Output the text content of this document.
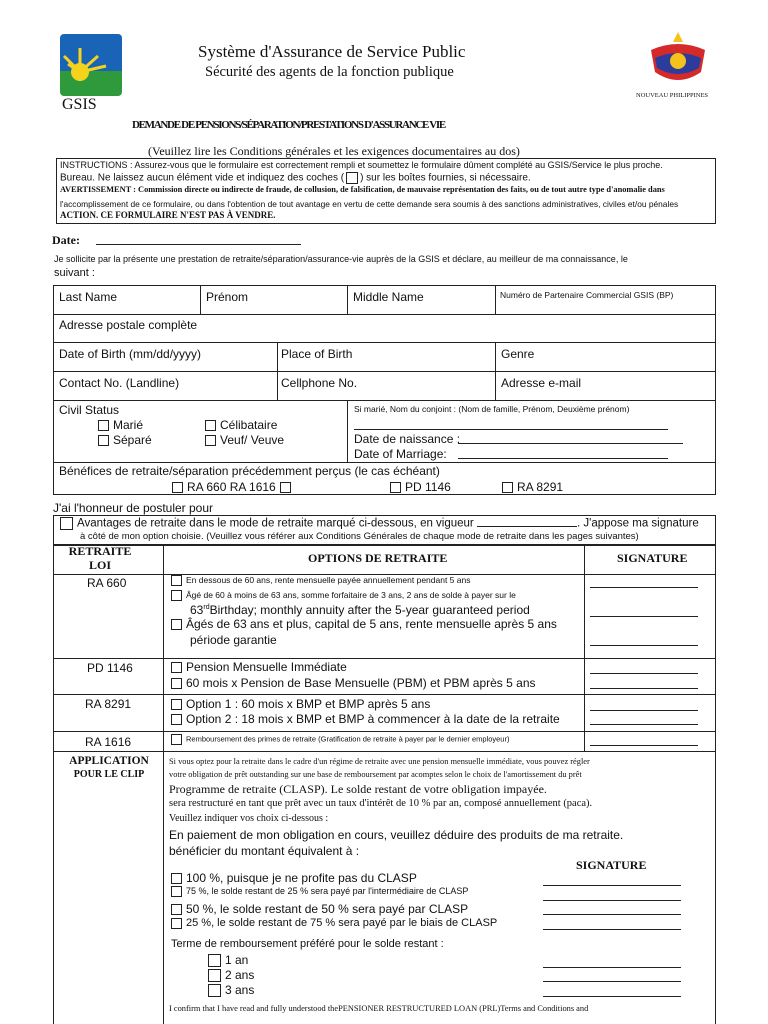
GSIS
Système d'Assurance de Service Public
Sécurité des agents de la fonction publique
NOUVEAU PHILIPPINES
DEMANDE DE PENSIONS/SÉPARATION/PRESTATIONS D'ASSURANCE VIE
(Veuillez lire les Conditions générales et les exigences documentaires au dos)
INSTRUCTIONS : Assurez-vous que le formulaire est correctement rempli et soumettez le formulaire dûment complété au GSIS/Service le plus proche.
Bureau. Ne laissez aucun élément vide et indiquez des coches ( ) sur les boîtes fournies, si nécessaire.
AVERTISSEMENT : Commission directe ou indirecte de fraude, de collusion, de falsification, de mauvaise représentation des faits, ou de tout autre type d'anomalie dans
l'accomplissement de ce formulaire, ou dans l'obtention de tout avantage en vertu de cette demande sera soumis à des sanctions administratives, civiles et/ou pénales
ACTION. CE FORMULAIRE N'EST PAS À VENDRE.
Date:
Je sollicite par la présente une prestation de retraite/séparation/assurance-vie auprès de la GSIS et déclare, au meilleur de ma connaissance, le
suivant :
Last Name	Prénom	Middle Name	Numéro de Partenaire Commercial GSIS (BP)
Adresse postale complète
Date of Birth (mm/dd/yyyy)	Place of Birth	Genre
Contact No. (Landline)	Cellphone No.	Adresse e-mail
Civil Status
Marié
Séparé
Célibataire
Veuf/ Veuve
Si marié, Nom du conjoint : (Nom de famille, Prénom, Deuxième prénom)
Date de naissance :
Date of Marriage:
Bénéfices de retraite/séparation précédemment perçus (le cas échéant)
RA 660 RA 1616	PD 1146	RA 8291
J'ai l'honneur de postuler pour
Avantages de retraite dans le mode de retraite marqué ci-dessous, en vigueur	. J'appose ma signature
à côté de mon option choisie. (Veuillez vous référer aux Conditions Générales de chaque mode de retraite dans les pages suivantes)
RETRAITE
LOI	OPTIONS DE RETRAITE	SIGNATURE
RA 660	En dessous de 60 ans, rente mensuelle payée annuellement pendant 5 ans
Âgé de 60 à moins de 63 ans, somme forfaitaire de 3 ans, 2 ans de solde à payer sur le
63rdBirthday; monthly annuity after the 5-year guaranteed period
Âgés de 63 ans et plus, capital de 5 ans, rente mensuelle après 5 ans
période garantie
PD 1146	Pension Mensuelle Immédiate
60 mois x Pension de Base Mensuelle (PBM) et PBM après 5 ans
RA 8291	Option 1 : 60 mois x BMP et BMP après 5 ans
Option 2 : 18 mois x BMP et BMP à commencer à la date de la retraite
RA 1616	Remboursement des primes de retraite (Gratification de retraite à payer par le dernier employeur)
APPLICATION
POUR LE CLIP
Si vous optez pour la retraite dans le cadre d'un régime de retraite avec une pension mensuelle immédiate, vous pouvez régler
votre obligation de prêt outstanding sur une base de remboursement par acomptes selon le choix de l'amortissement du prêt
Programme de retraite (CLASP). Le solde restant de votre obligation impayée.
sera restructuré en tant que prêt avec un taux d'intérêt de 10 % par an, composé annuellement (paca).
Veuillez indiquer vos choix ci-dessous :
En paiement de mon obligation en cours, veuillez déduire des produits de ma retraite.
bénéficier du montant équivalent à :
SIGNATURE
100 %, puisque je ne profite pas du CLASP
75 %, le solde restant de 25 % sera payé par l'intermédiaire de CLASP
50 %, le solde restant de 50 % sera payé par CLASP
25 %, le solde restant de 75 % sera payé par le biais de CLASP
Terme de remboursement préféré pour le solde restant :
1 an
2 ans
3 ans
I confirm that I have read and fully understood thePENSIONER RESTRUCTURED LOAN (PRL)Terms and Conditions and
